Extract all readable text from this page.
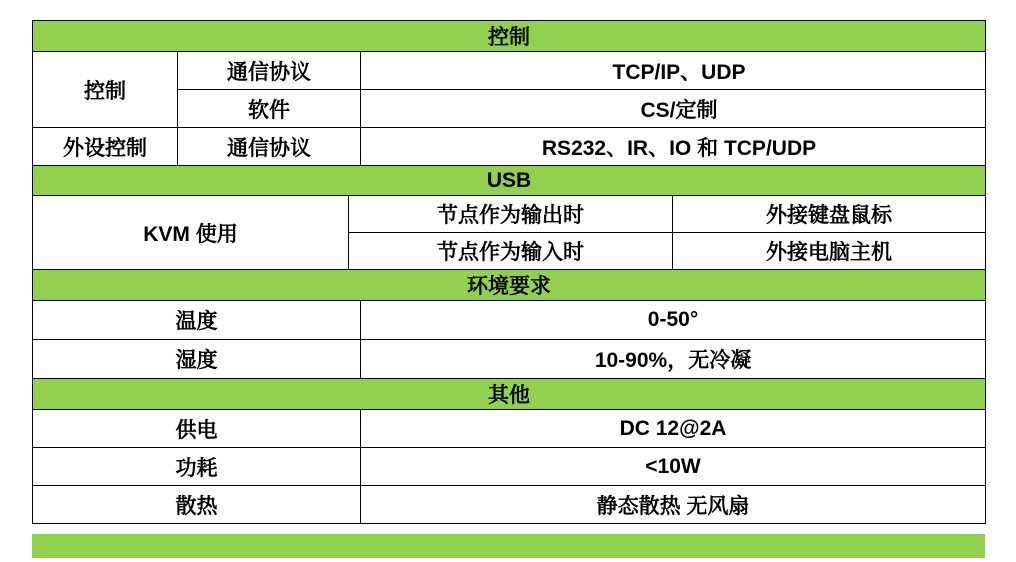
控制				
控制	通信协议		TCP/IP、UDP	
	软件		CS/定制	
外设控制	通信协议		RS232、IR、IO 和 TCP/UDP	
USB				
KVM 使用		节点作为输出时		外接键盘鼠标
		节点作为输入时		外接电脑主机
环境要求				
温度			0-50°	
湿度			10-90%，无冷凝	
其他				
供电			DC 12@2A	
功耗			<10W	
散热			静态散热 无风扇	
